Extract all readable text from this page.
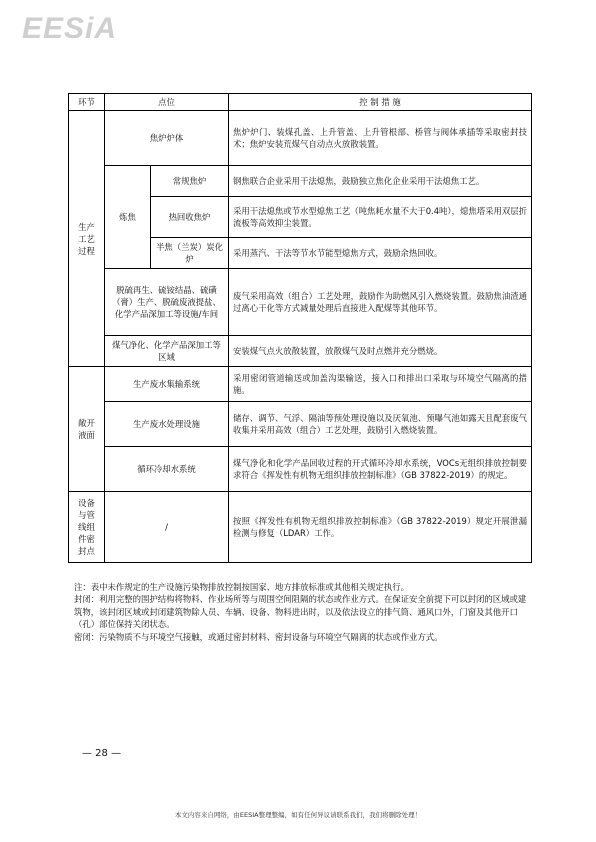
EESiA
环节	点位		控 制 措 施
生产
工艺
过程	焦炉炉体		焦炉炉门、装煤孔盖、上升管盖、上升管根部、桥管与阀体承插等采取密封技术；焦炉安装荒煤气自动点火放散装置。
	炼焦	常规焦炉	钢焦联合企业采用干法熄焦，鼓励独立焦化企业采用干法熄焦工艺。
		热回收焦炉	采用干法熄焦或节水型熄焦工艺（吨焦耗水量不大于0.4吨），熄焦塔采用双层折流板等高效抑尘装置。
		半焦（兰炭）炭化炉	采用蒸汽、干法等节水节能型熄焦方式，鼓励余热回收。
	脱硫再生、硫铵结晶、硫磺（膏）生产、脱硫废液提盐、化学产品深加工等设施/车间		废气采用高效（组合）工艺处理，鼓励作为助燃风引入燃烧装置。鼓励焦油渣通过离心干化等方式减量处理后直接进入配煤等其他环节。
	煤气净化、化学产品深加工等区域		安装煤气点火放散装置，放散煤气及时点燃并充分燃烧。
敞开
液面	生产废水集输系统		采用密闭管道输送或加盖沟渠输送，接入口和排出口采取与环境空气隔离的措施。
	生产废水处理设施		储存、调节、气浮、隔油等预处理设施以及厌氧池、预曝气池如露天且配套废气收集并采用高效（组合）工艺处理，鼓励引入燃烧装置。
	循环冷却水系统		煤气净化和化学产品回收过程的开式循环冷却水系统，VOCs无组织排放控制要求符合《挥发性有机物无组织排放控制标准》（GB 37822-2019）的规定。
设备
与管
线组
件密
封点	/		按照《挥发性有机物无组织排放控制标准》（GB 37822-2019）规定开展泄漏检测与修复（LDAR）工作。

注：表中未作规定的生产设施污染物排放控制按国家、地方排放标准或其他相关规定执行。

封闭：利用完整的围护结构将物料、作业场所等与周围空间阻隔的状态或作业方式。在保证安全前提下可以封闭的区域或建筑物，该封闭区域或封闭建筑物除人员、车辆、设备、物料进出时，以及依法设立的排气筒、通风口外，门窗及其他开口（孔）部位保持关闭状态。

密闭：污染物质不与环境空气接触，或通过密封材料、密封设备与环境空气隔离的状态或作业方式。

— 28 —
本文内容来自网络，由EESIA整理整编，如有任何异议请联系我们，我们将删除处理！
